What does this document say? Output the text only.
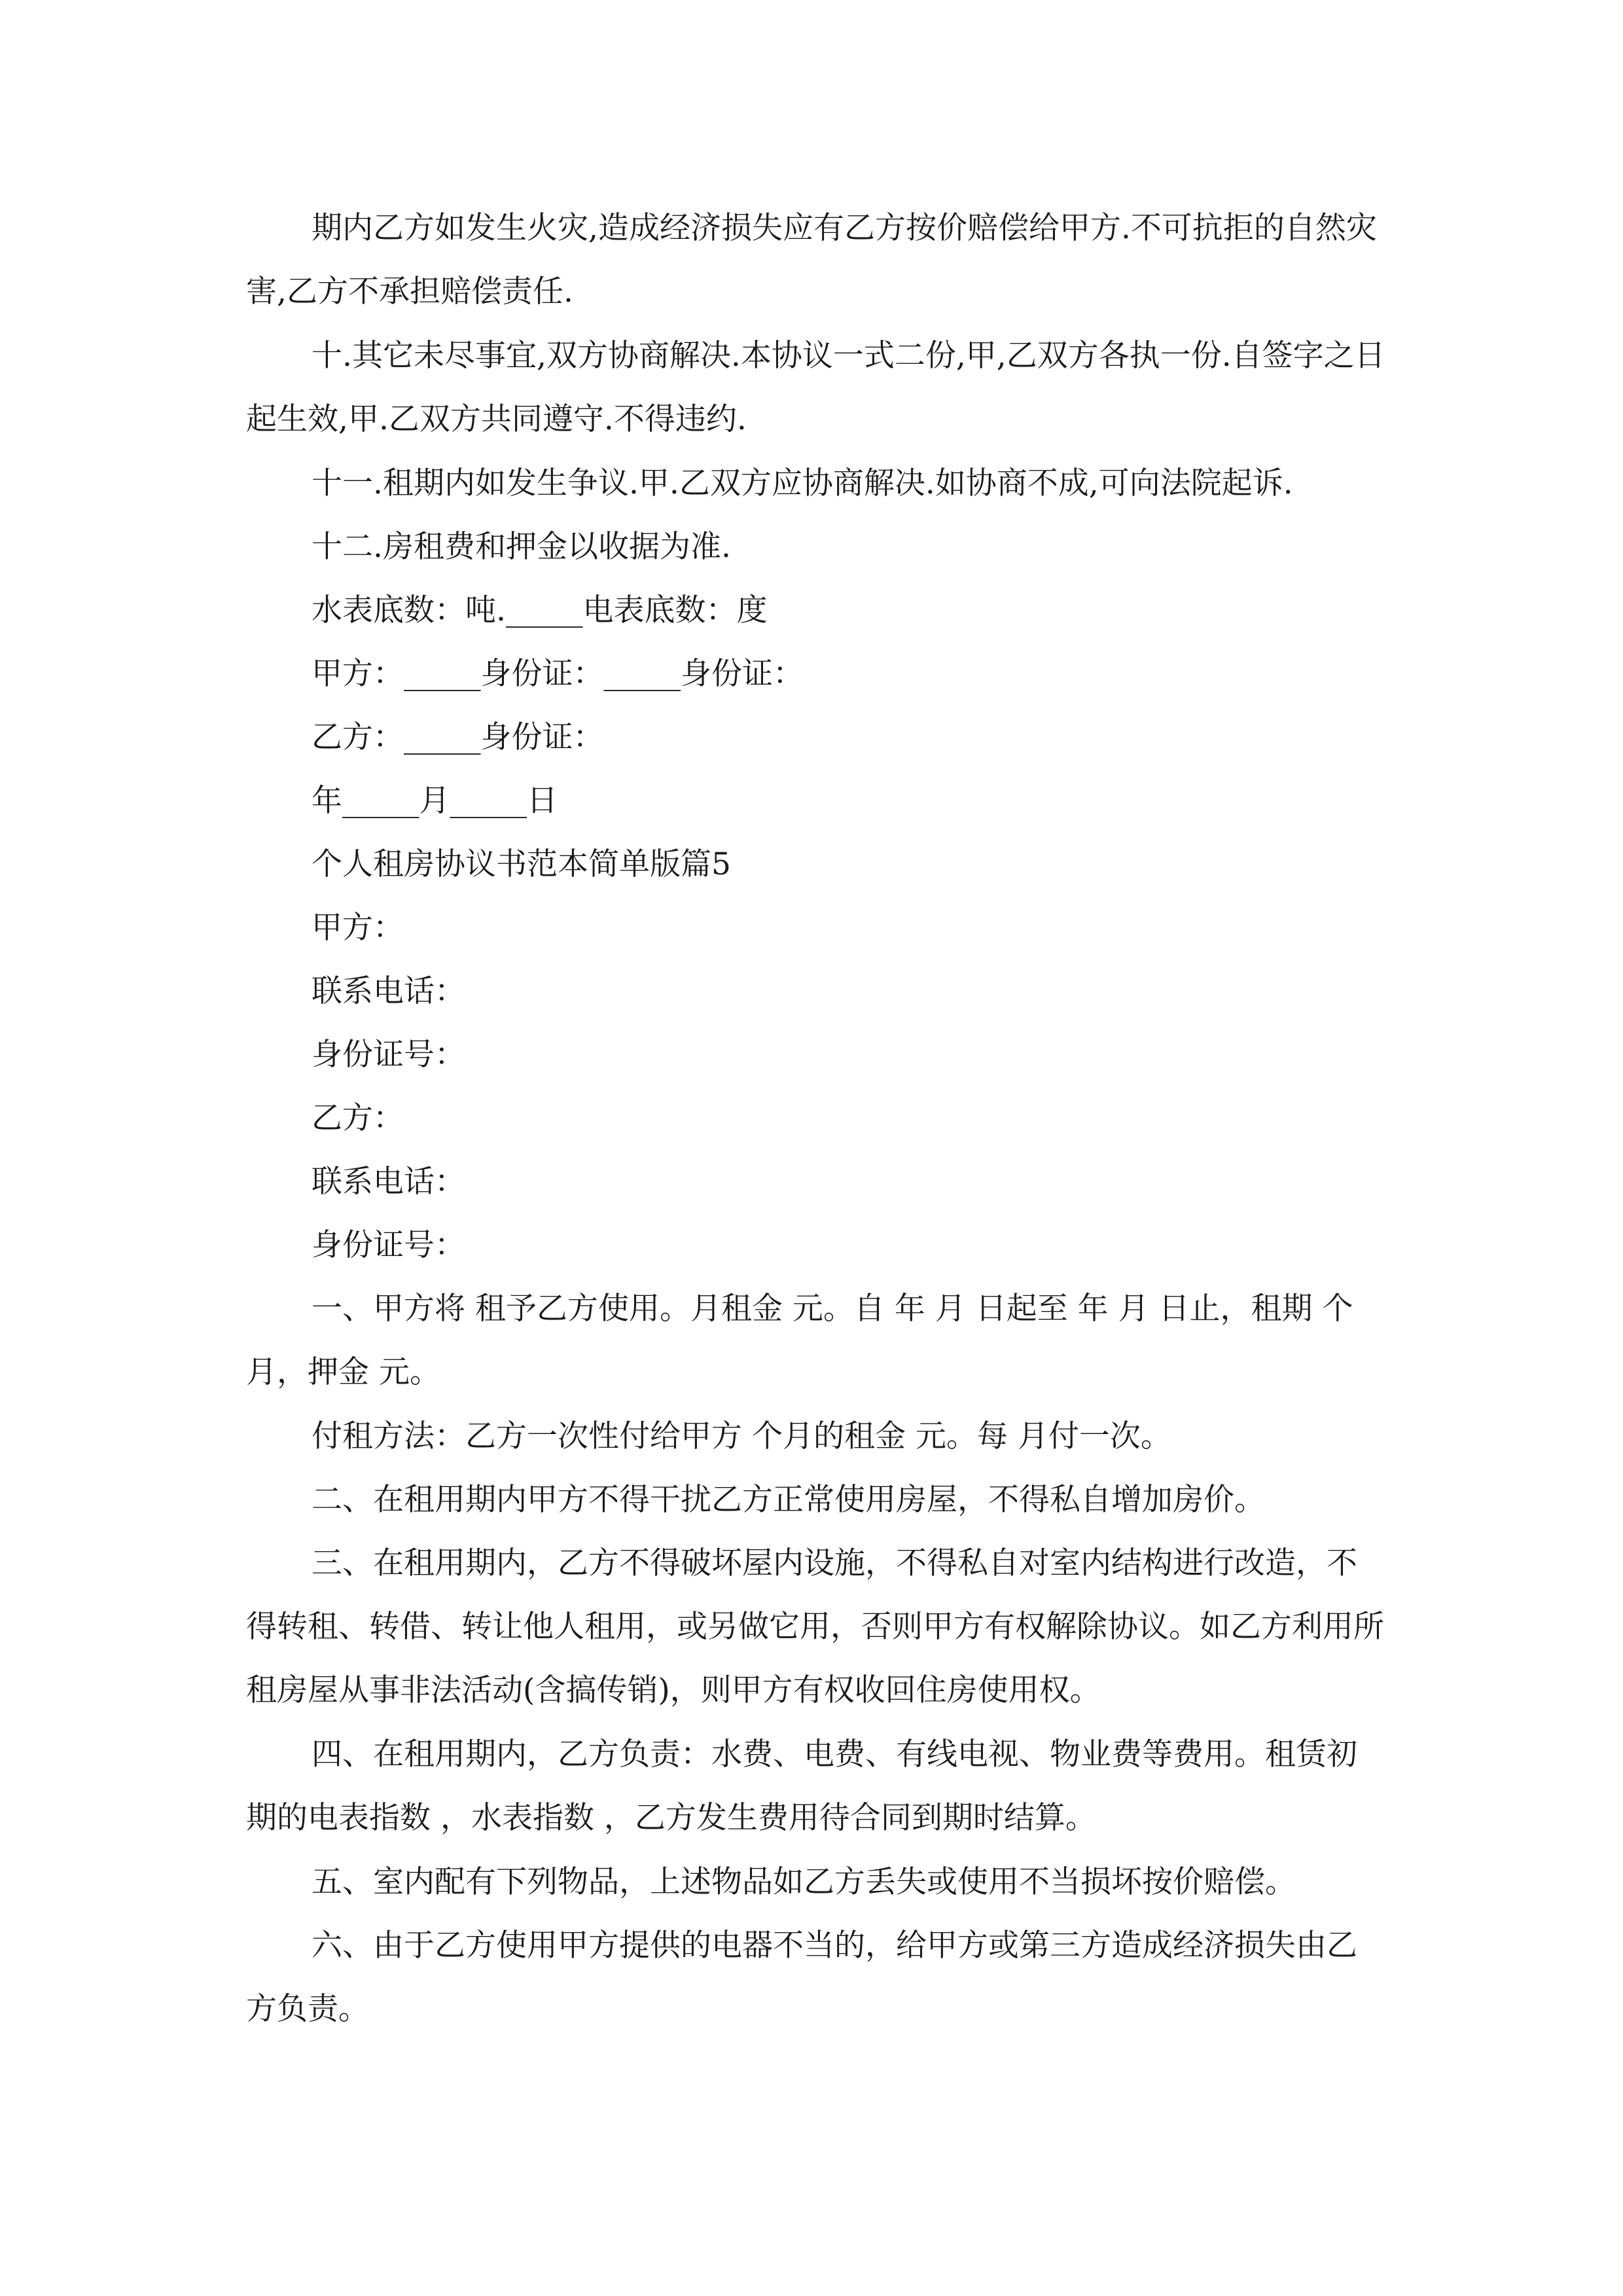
期内乙方如发生火灾,造成经济损失应有乙方按价赔偿给甲方.不可抗拒的自然灾害,乙方不承担赔偿责任.

十.其它未尽事宜,双方协商解决.本协议一式二份,甲,乙双方各执一份.自签字之日起生效,甲.乙双方共同遵守.不得违约.

十一.租期内如发生争议.甲.乙双方应协商解决.如协商不成,可向法院起诉.

十二.房租费和押金以收据为准.

水表底数：吨._____电表底数：度

甲方：_____身份证：_____身份证：

乙方：_____身份证：

年_____月_____日

个人租房协议书范本简单版篇5

甲方：

联系电话：

身份证号：

乙方：

联系电话：

身份证号：

一、甲方将 租予乙方使用。月租金 元。自 年 月 日起至 年 月 日止，租期 个月，押金 元。

付租方法：乙方一次性付给甲方 个月的租金 元。每 月付一次。

二、在租用期内甲方不得干扰乙方正常使用房屋，不得私自增加房价。

三、在租用期内，乙方不得破坏屋内设施，不得私自对室内结构进行改造，不得转租、转借、转让他人租用，或另做它用，否则甲方有权解除协议。如乙方利用所租房屋从事非法活动(含搞传销)，则甲方有权收回住房使用权。

四、在租用期内，乙方负责：水费、电费、有线电视、物业费等费用。租赁初期的电表指数 ，水表指数 ，乙方发生费用待合同到期时结算。

五、室内配有下列物品，上述物品如乙方丢失或使用不当损坏按价赔偿。

六、由于乙方使用甲方提供的电器不当的，给甲方或第三方造成经济损失由乙方负责。
